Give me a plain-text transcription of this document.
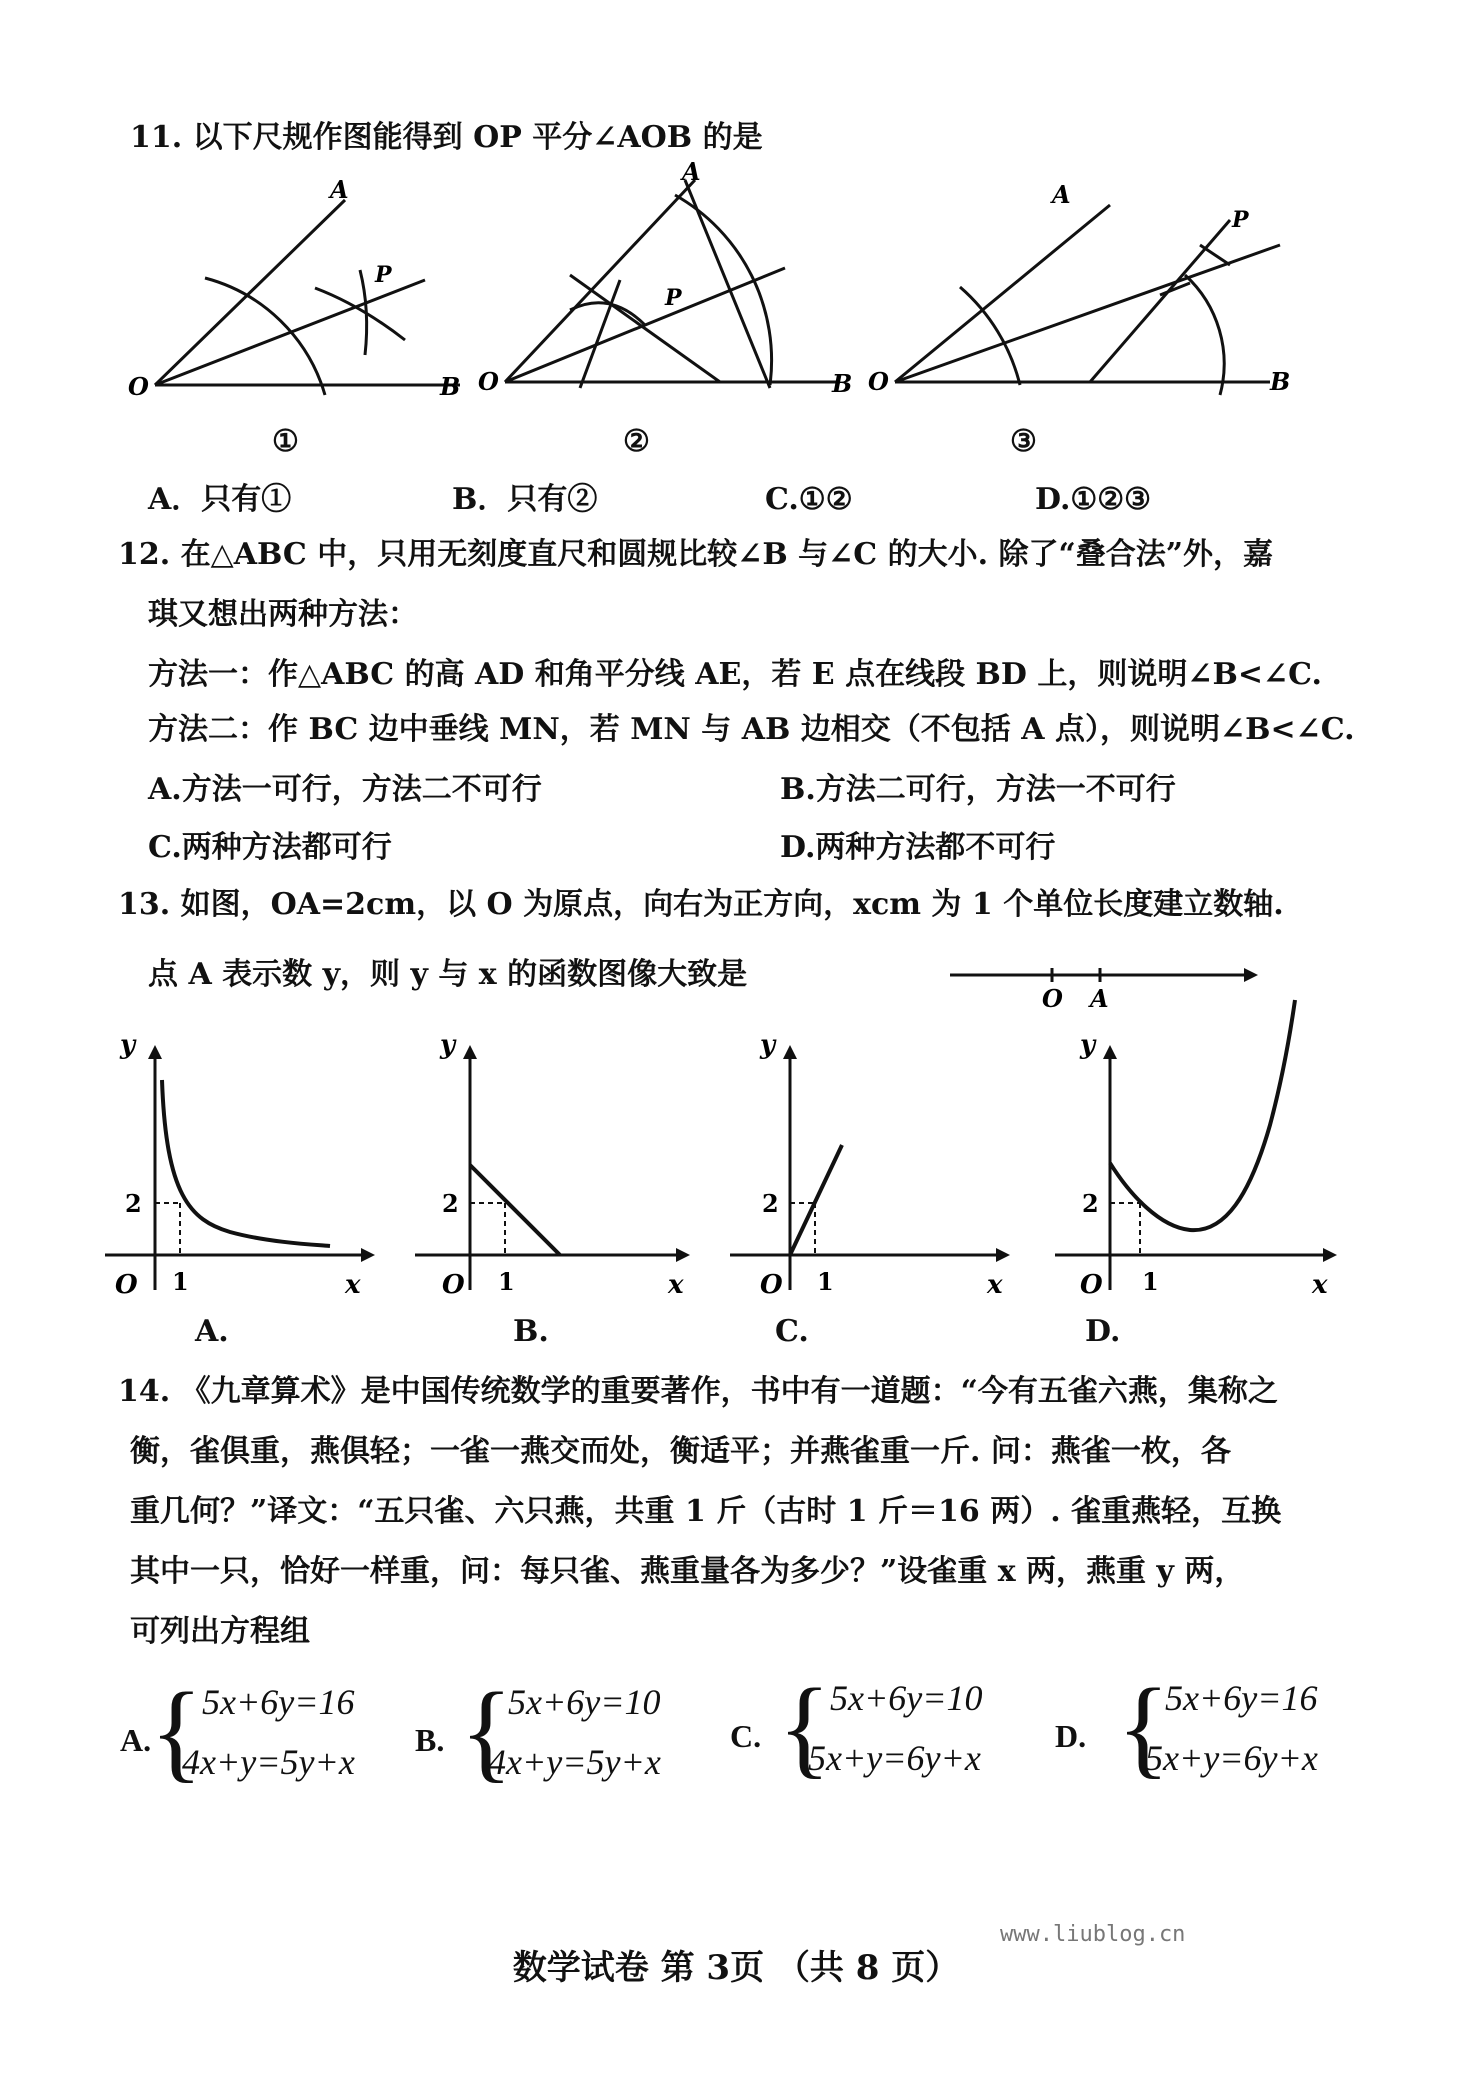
11. 以下尺规作图能得到 OP 平分∠AOB 的是
O
A
B
P
①
O
A
B
P
②
O
A
B
P
③
A．只有①	B．只有②	C.①②	D.①②③
12. 在△ABC 中，只用无刻度直尺和圆规比较∠B 与∠C 的大小. 除了“叠合法”外，嘉
琪又想出两种方法：
方法一：作△ABC 的高 AD 和角平分线 AE，若 E 点在线段 BD 上，则说明∠B<∠C.
方法二：作 BC 边中垂线 MN，若 MN 与 AB 边相交（不包括 A 点），则说明∠B<∠C.
A.方法一可行，方法二不可行	B.方法二可行，方法一不可行
C.两种方法都可行	D.两种方法都不可行
13. 如图，OA=2cm，以 O 为原点，向右为正方向，xcm 为 1 个单位长度建立数轴.
点 A 表示数 y，则 y 与 x 的函数图像大致是
O A
y
x
O
2
1
A.
y
x
O
2
1
B.
y
x
O
2
1
C.
y
x
O
2
1
D.
14. 《九章算术》是中国传统数学的重要著作，书中有一道题：“今有五雀六燕，集称之
衡，雀俱重，燕俱轻；一雀一燕交而处，衡适平；并燕雀重一斤. 问：燕雀一枚，各
重几何？”译文：“五只雀、六只燕，共重 1 斤（古时 1 斤＝16 两）. 雀重燕轻，互换
其中一只，恰好一样重，问：每只雀、燕重量各为多少？”设雀重 x 两，燕重 y 两，
可列出方程组
A.
{ 5x+6y=16
4x+y=5y+x
B. {
5x+6y=10
4x+y=5y+x
C. { 5x+6y=10
5x+y=6y+x
D. {
5x+6y=16
5x+y=6y+x
www.liublog.cn
数学试卷 第 3页 （共 8 页）
